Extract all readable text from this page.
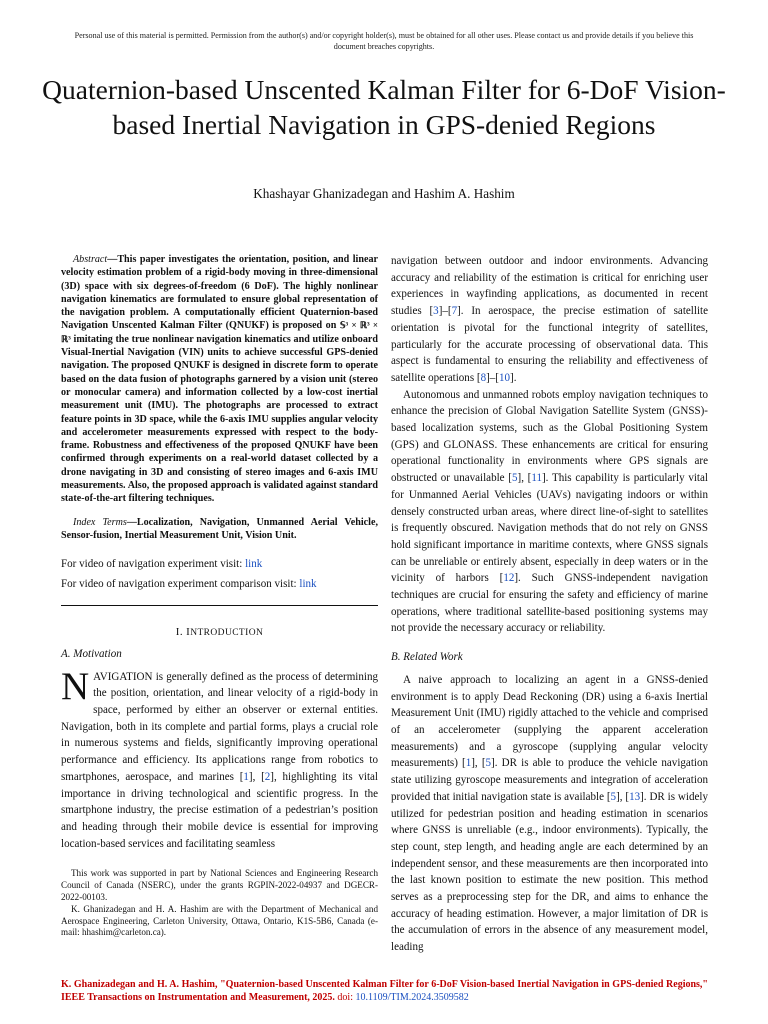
Personal use of this material is permitted. Permission from the author(s) and/or copyright holder(s), must be obtained for all other uses. Please contact us and provide details if you believe this document breaches copyrights.
Quaternion-based Unscented Kalman Filter for 6-DoF Vision-based Inertial Navigation in GPS-denied Regions
Khashayar Ghanizadegan and Hashim A. Hashim

Abstract—This paper investigates the orientation, position, and linear velocity estimation problem of a rigid-body moving in three-dimensional (3D) space with six degrees-of-freedom (6 DoF). The highly nonlinear navigation kinematics are formulated to ensure global representation of the navigation problem. A computationally efficient Quaternion-based Navigation Unscented Kalman Filter (QNUKF) is proposed on 𝕊³ × ℝ³ × ℝ³ imitating the true nonlinear navigation kinematics and utilize onboard Visual-Inertial Navigation (VIN) units to achieve successful GPS-denied navigation. The proposed QNUKF is designed in discrete form to operate based on the data fusion of photographs garnered by a vision unit (stereo or monocular camera) and information collected by a low-cost inertial measurement unit (IMU). The photographs are processed to extract feature points in 3D space, while the 6-axis IMU supplies angular velocity and accelerometer measurements expressed with respect to the body-frame. Robustness and effectiveness of the proposed QNUKF have been confirmed through experiments on a real-world dataset collected by a drone navigating in 3D and consisting of stereo images and 6-axis IMU measurements. Also, the proposed approach is validated against standard state-of-the-art filtering techniques.

Index Terms—Localization, Navigation, Unmanned Aerial Vehicle, Sensor-fusion, Inertial Measurement Unit, Vision Unit.

For video of navigation experiment visit: link

For video of navigation experiment comparison visit: link

I. INTRODUCTION
A. Motivation

NAVIGATION is generally defined as the process of determining the position, orientation, and linear velocity of a rigid-body in space, performed by either an observer or external entities. Navigation, both in its complete and partial forms, plays a crucial role in numerous systems and fields, significantly improving operational performance and efficiency. Its applications range from robotics to smartphones, aerospace, and marines [1], [2], highlighting its vital importance in driving technological and scientific progress. In the smartphone industry, the precise estimation of a pedestrian’s position and heading through their mobile device is essential for improving location-based services and facilitating seamless

This work was supported in part by National Sciences and Engineering Research Council of Canada (NSERC), under the grants RGPIN-2022-04937 and DGECR-2022-00103.

K. Ghanizadegan and H. A. Hashim are with the Department of Mechanical and Aerospace Engineering, Carleton University, Ottawa, Ontario, K1S-5B6, Canada (e-mail: hhashim@carleton.ca).

navigation between outdoor and indoor environments. Advancing accuracy and reliability of the estimation is critical for enriching user experiences in wayfinding applications, as documented in recent studies [3]–[7]. In aerospace, the precise estimation of satellite orientation is pivotal for the functional integrity of satellites, particularly for the accurate processing of observational data. This aspect is fundamental to ensuring the reliability and effectiveness of satellite operations [8]–[10].

Autonomous and unmanned robots employ navigation techniques to enhance the precision of Global Navigation Satellite System (GNSS)-based localization systems, such as the Global Positioning System (GPS) and GLONASS. These enhancements are critical for ensuring operational functionality in environments where GPS signals are obstructed or unavailable [5], [11]. This capability is particularly vital for Unmanned Aerial Vehicles (UAVs) navigating indoors or within densely constructed urban areas, where direct line-of-sight to satellites is frequently obscured. Navigation methods that do not rely on GNSS hold significant importance in maritime contexts, where GNSS signals can be unreliable or entirely absent, especially in deep waters or in the vicinity of harbors [12]. Such GNSS-independent navigation techniques are crucial for ensuring the safety and efficiency of marine operations, where traditional satellite-based positioning systems may not provide the necessary accuracy or reliability.

B. Related Work

A naive approach to localizing an agent in a GNSS-denied environment is to apply Dead Reckoning (DR) using a 6-axis Inertial Measurement Unit (IMU) rigidly attached to the vehicle and comprised of an accelerometer (supplying the apparent acceleration measurements) and a gyroscope (supplying angular velocity measurements) [1], [5]. DR is able to produce the vehicle navigation state utilizing gyroscope measurements and integration of acceleration provided that initial navigation state is available [5], [13]. DR is widely utilized for pedestrian position and heading estimation in scenarios where GNSS is unreliable (e.g., indoor environments). Typically, the step count, step length, and heading angle are each determined by an independent sensor, and these measurements are then incorporated into the last known position to estimate the new position. This method serves as a preprocessing step for the DR, and aims to enhance the accuracy of heading estimation. However, a major limitation of DR is the accumulation of errors in the absence of any measurement model, leading

K. Ghanizadegan and H. A. Hashim, "Quaternion-based Unscented Kalman Filter for 6-DoF Vision-based Inertial Navigation in GPS-denied Regions," IEEE Transactions on Instrumentation and Measurement, 2025. doi: 10.1109/TIM.2024.3509582
